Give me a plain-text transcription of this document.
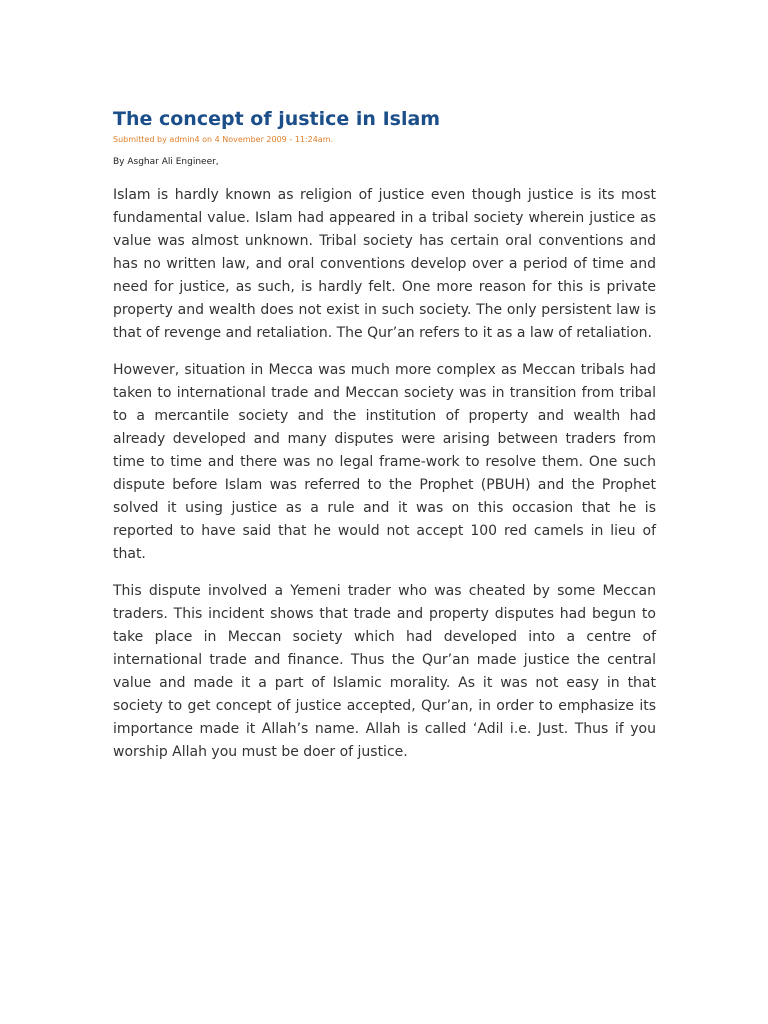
The concept of justice in Islam
Submitted by admin4 on 4 November 2009 - 11:24am.
By Asghar Ali Engineer,

Islam is hardly known as religion of justice even though justice is its most fundamental value. Islam had appeared in a tribal society wherein justice as value was almost unknown. Tribal society has certain oral conventions and has no written law, and oral conventions develop over a period of time and need for justice, as such, is hardly felt. One more reason for this is private property and wealth does not exist in such society. The only persistent law is that of revenge and retaliation. The Qur’an refers to it as a law of retaliation.

However, situation in Mecca was much more complex as Meccan tribals had taken to international trade and Meccan society was in transition from tribal to a mercantile society and the institution of property and wealth had already developed and many disputes were arising between traders from time to time and there was no legal frame-work to resolve them. One such dispute before Islam was referred to the Prophet (PBUH) and the Prophet solved it using justice as a rule and it was on this occasion that he is reported to have said that he would not accept 100 red camels in lieu of that.

This dispute involved a Yemeni trader who was cheated by some Meccan traders. This incident shows that trade and property disputes had begun to take place in Meccan society which had developed into a centre of international trade and finance. Thus the Qur’an made justice the central value and made it a part of Islamic morality. As it was not easy in that society to get concept of justice accepted, Qur’an, in order to emphasize its importance made it Allah’s name. Allah is called ‘Adil i.e. Just. Thus if you worship Allah you must be doer of justice.
